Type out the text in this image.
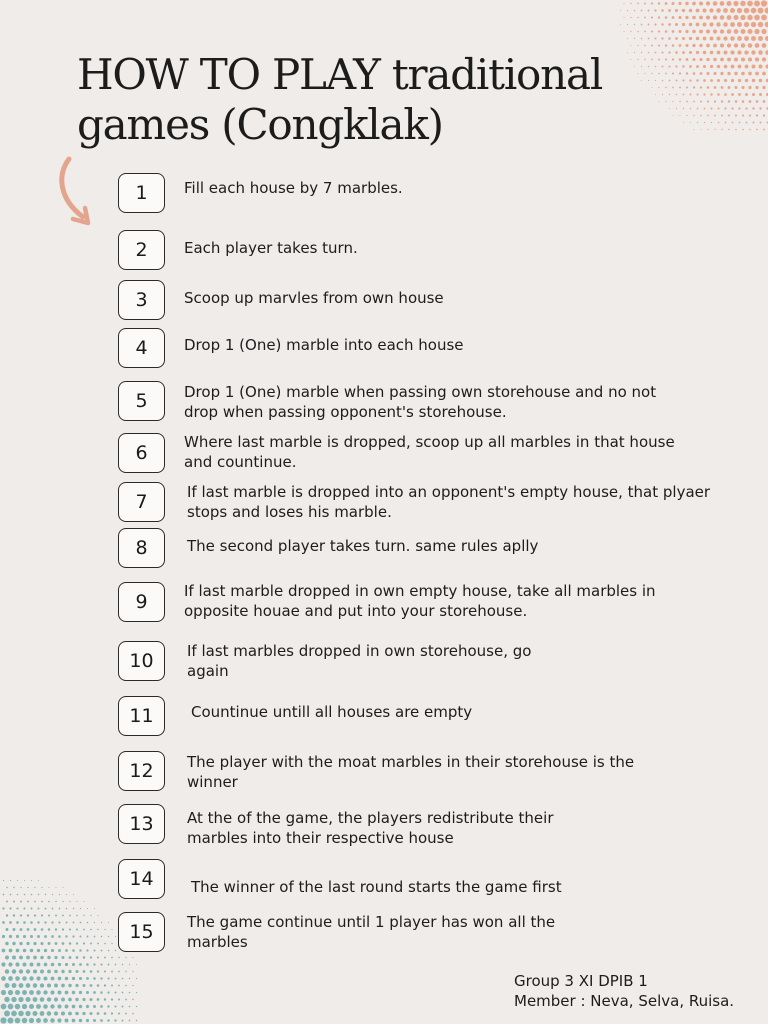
HOW TO PLAY traditional
games (Congklak)
1	Fill each house by 7 marbles.
2	Each player takes turn.
3	Scoop up marvles from own house
4	Drop 1 (One) marble into each house
5	Drop 1 (One) marble when passing own storehouse and no not
drop when passing opponent's storehouse.
6	Where last marble is dropped, scoop up all marbles in that house
and countinue.
7	If last marble is dropped into an opponent's empty house, that plyaer
stops and loses his marble.
8	The second player takes turn. same rules aplly
9	If last marble dropped in own empty house, take all marbles in
opposite houae and put into your storehouse.
10	If last marbles dropped in own storehouse, go
again
11	Countinue untill all houses are empty
12	The player with the moat marbles in their storehouse is the
winner
13	At the of the game, the players redistribute their
marbles into their respective house
14	The winner of the last round starts the game first
15	The game continue until 1 player has won all the
marbles
Group 3 XI DPIB 1
Member : Neva, Selva, Ruisa.
